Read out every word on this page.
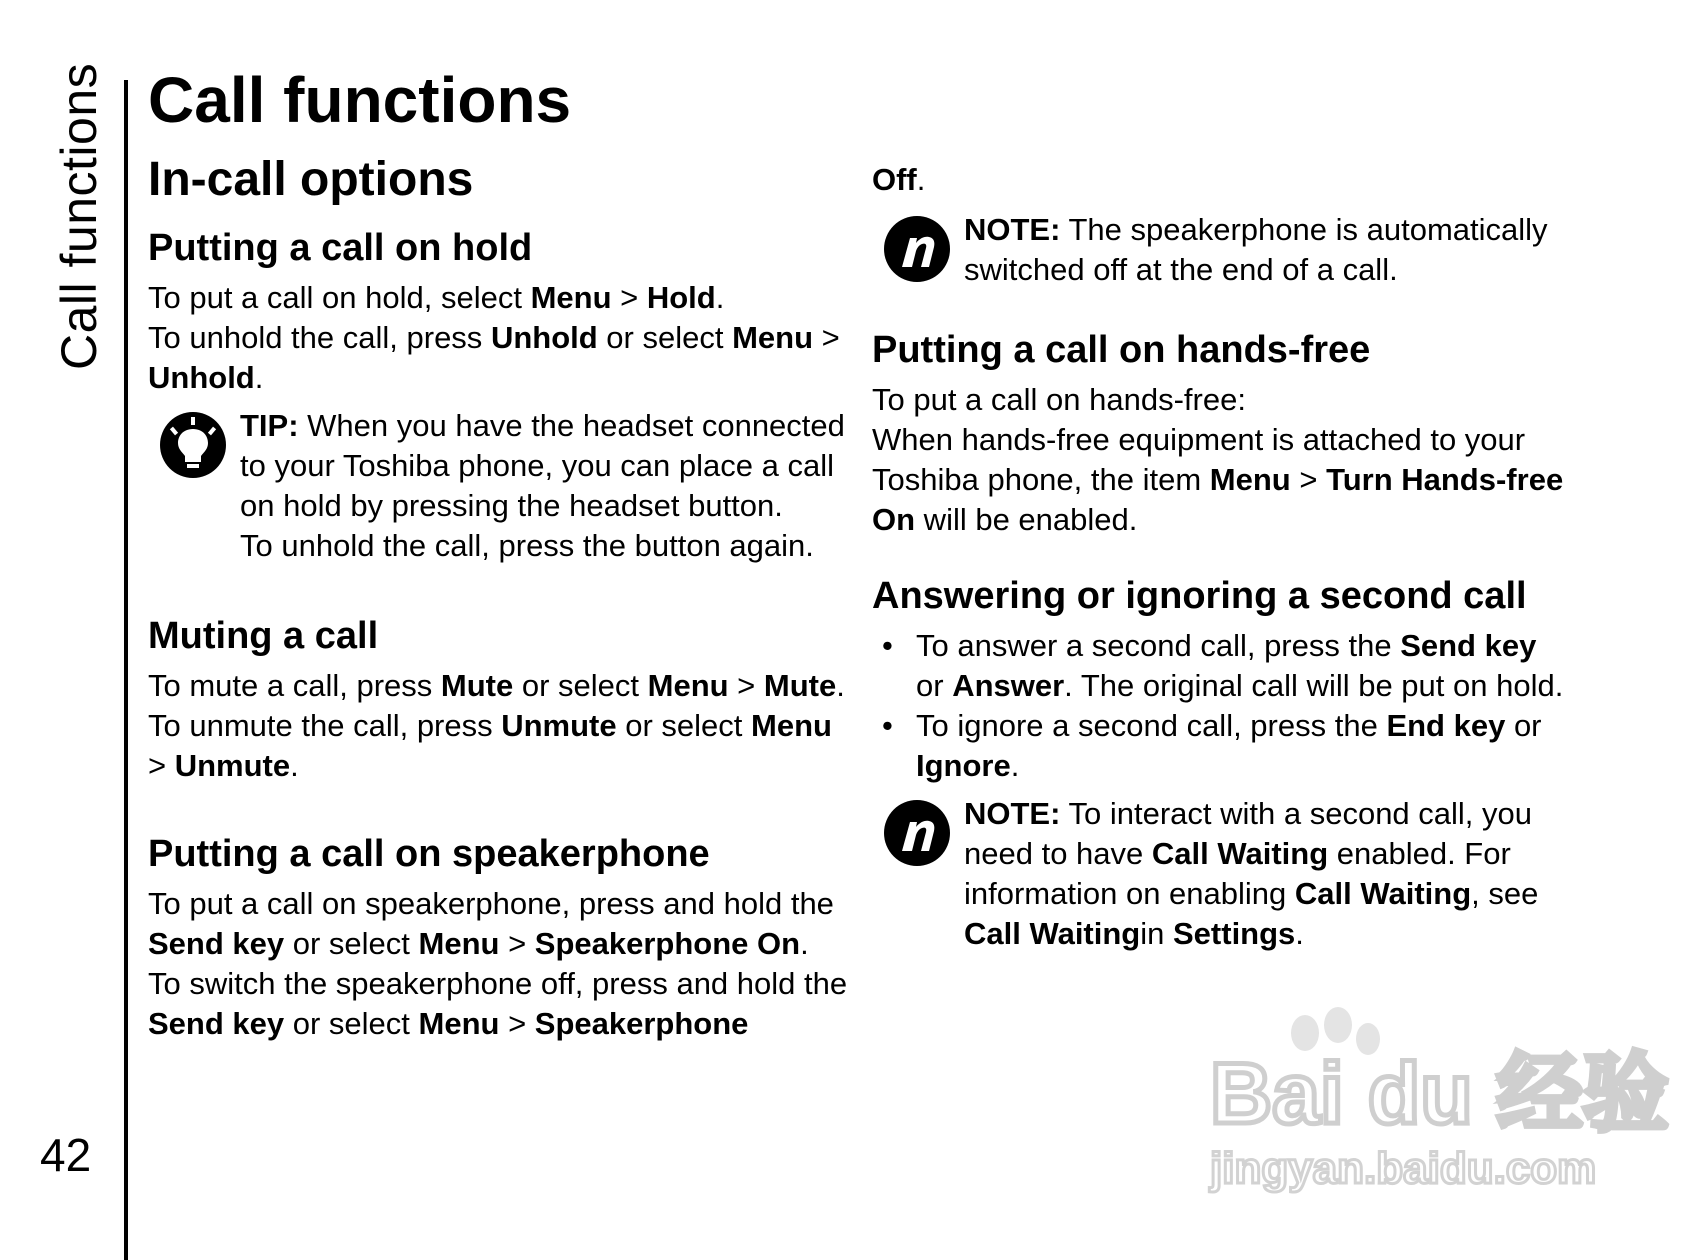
Call functions
42
Call functions
In-call options
Putting a call on hold

To put a call on hold, select Menu > Hold.

To unhold the call, press Unhold or select Menu > Unhold.

TIP: When you have the headset connected to your Toshiba phone, you can place a call on hold by pressing the headset button.

To unhold the call, press the button again.

Muting a call

To mute a call, press Mute or select Menu > Mute.

To unmute the call, press Unmute or select Menu > Unmute.

Putting a call on speakerphone

To put a call on speakerphone, press and hold the Send key or select Menu > Speakerphone On.

To switch the speakerphone off, press and hold the Send key or select Menu > Speakerphone

Off.

NOTE: The speakerphone is automatically switched off at the end of a call.

Putting a call on hands-free

To put a call on hands-free:

When hands-free equipment is attached to your Toshiba phone, the item Menu > Turn Hands-free On will be enabled.

Answering or ignoring a second call
• To answer a second call, press the Send key or Answer. The original call will be put on hold.
• To ignore a second call, press the End key or Ignore.

NOTE: To interact with a second call, you need to have Call Waiting enabled. For information on enabling Call Waiting, see Call Waitingin Settings.

Bai du 经验
jingyan.baidu.com
